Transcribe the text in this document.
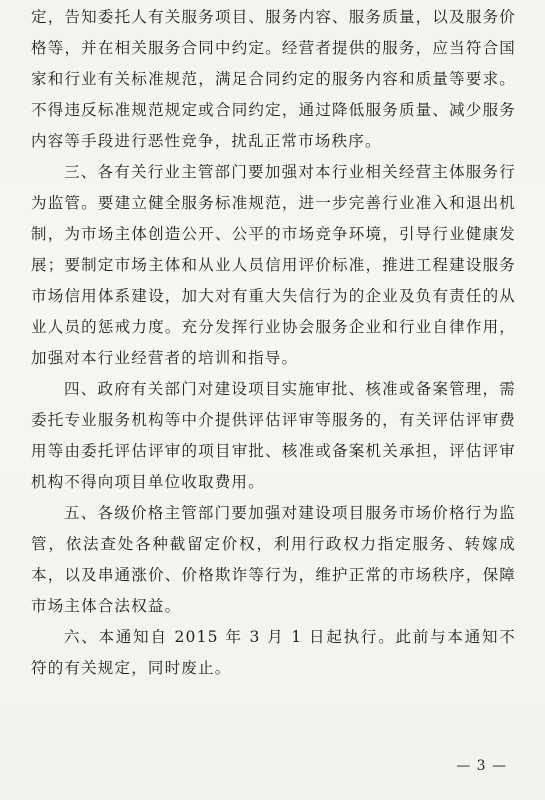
定，告知委托人有关服务项目、服务内容、服务质量，以及服务价格等，并在相关服务合同中约定。经营者提供的服务，应当符合国家和行业有关标准规范，满足合同约定的服务内容和质量等要求。不得违反标准规范规定或合同约定，通过降低服务质量、减少服务内容等手段进行恶性竞争，扰乱正常市场秩序。

三、各有关行业主管部门要加强对本行业相关经营主体服务行为监管。要建立健全服务标准规范，进一步完善行业准入和退出机制，为市场主体创造公开、公平的市场竞争环境，引导行业健康发展；要制定市场主体和从业人员信用评价标准，推进工程建设服务市场信用体系建设，加大对有重大失信行为的企业及负有责任的从业人员的惩戒力度。充分发挥行业协会服务企业和行业自律作用，加强对本行业经营者的培训和指导。

四、政府有关部门对建设项目实施审批、核准或备案管理，需委托专业服务机构等中介提供评估评审等服务的，有关评估评审费用等由委托评估评审的项目审批、核准或备案机关承担，评估评审机构不得向项目单位收取费用。

五、各级价格主管部门要加强对建设项目服务市场价格行为监管，依法查处各种截留定价权，利用行政权力指定服务、转嫁成本，以及串通涨价、价格欺诈等行为，维护正常的市场秩序，保障市场主体合法权益。

六、本通知自 2015 年 3 月 1 日起执行。此前与本通知不符的有关规定，同时废止。

— 3 —
